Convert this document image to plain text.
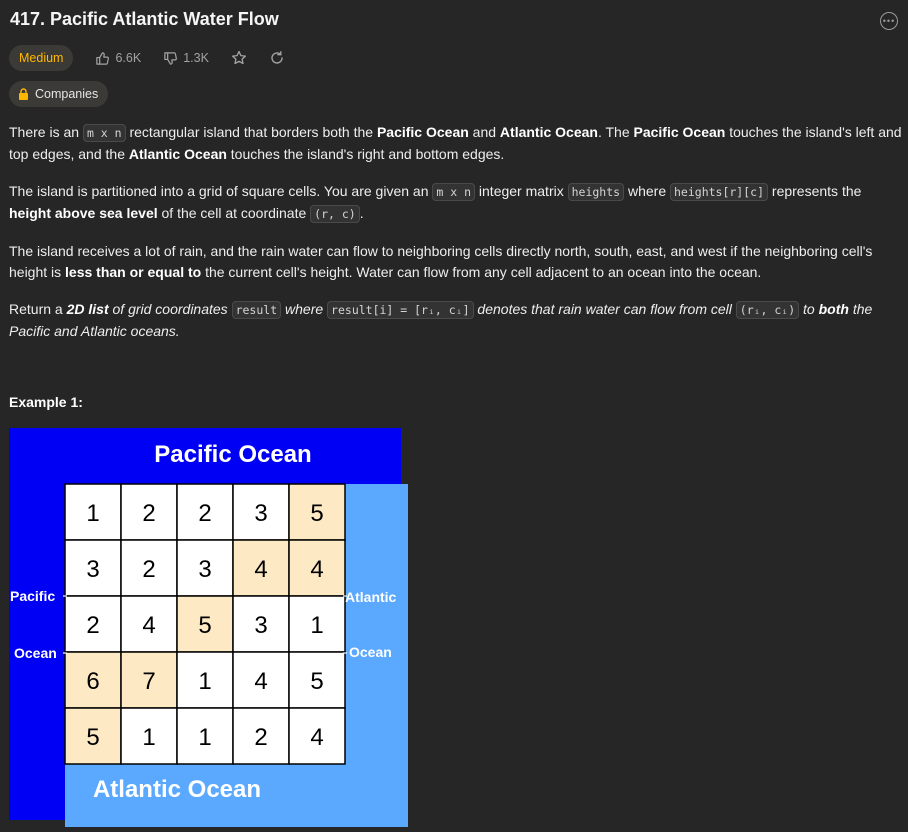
417. Pacific Atlantic Water Flow	•••
Medium	6.6K	1.3K
Companies

There is an m x n rectangular island that borders both the Pacific Ocean and Atlantic Ocean. The Pacific Ocean touches the island's left and top edges, and the Atlantic Ocean touches the island's right and bottom edges.

The island is partitioned into a grid of square cells. You are given an m x n integer matrix heights where heights[r][c] represents the height above sea level of the cell at coordinate (r, c) .

The island receives a lot of rain, and the rain water can flow to neighboring cells directly north, south, east, and west if the neighboring cell's height is less than or equal to the current cell's height. Water can flow from any cell adjacent to an ocean into the ocean.

Return a 2D list of grid coordinates result where result[i] = [rᵢ, cᵢ] denotes that rain water can flow from cell (rᵢ, cᵢ) to both the Pacific and Atlantic oceans.

Example 1:
1 2 2 3 5
3 2 3 4 4
2 4 5 3 1
6 7 1 4 5
5 1 1 2 4
Pacific Ocean
Atlantic Ocean
Pacific
Ocean
Atlantic
Ocean
